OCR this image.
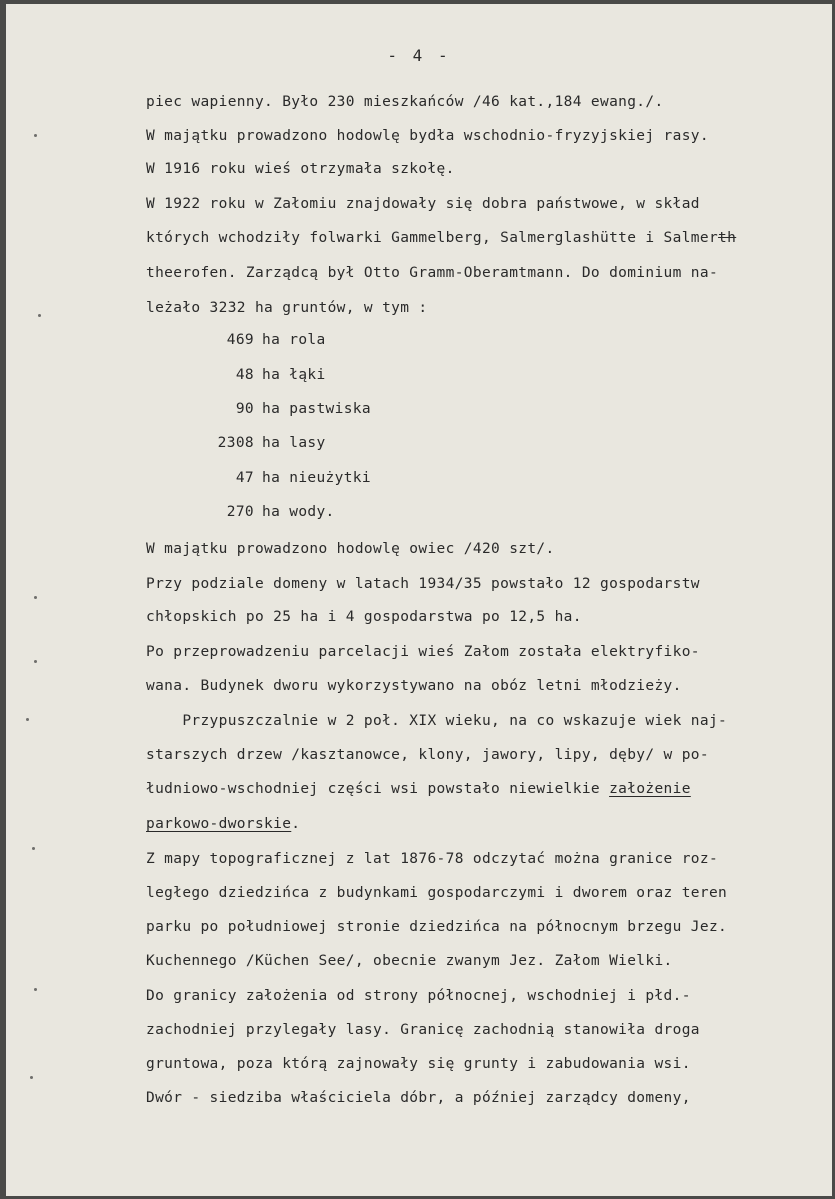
- 4 -
piec wapienny. Było 230 mieszkańców /46 kat.,184 ewang./.
W majątku prowadzono hodowlę bydła wschodnio-fryzyjskiej rasy.
W 1916 roku wieś otrzymała szkołę.
W 1922 roku w Załomiu znajdowały się dobra państwowe, w skład
których wchodziły folwarki Gammelberg, Salmerglashütte i Salmerth
theerofen. Zarządcą był Otto Gramm-Oberamtmann. Do dominium na-
leżało 3232 ha gruntów, w tym :
469 ha rola
48 ha łąki
90 ha pastwiska
2308 ha lasy
47 ha nieużytki
270 ha wody.
W majątku prowadzono hodowlę owiec /420 szt/.
Przy podziale domeny w latach 1934/35 powstało 12 gospodarstw
chłopskich po 25 ha i 4 gospodarstwa po 12,5 ha.
Po przeprowadzeniu parcelacji wieś Załom została elektryfiko-
wana. Budynek dworu wykorzystywano na obóz letni młodzieży.
Przypuszczalnie w 2 poł. XIX wieku, na co wskazuje wiek naj-
starszych drzew /kasztanowce, klony, jawory, lipy, dęby/ w po-
łudniowo-wschodniej części wsi powstało niewielkie założenie
parkowo-dworskie.
Z mapy topograficznej z lat 1876-78 odczytać można granice roz-
ległego dziedzińca z budynkami gospodarczymi i dworem oraz teren
parku po południowej stronie dziedzińca na północnym brzegu Jez.
Kuchennego /Küchen See/, obecnie zwanym Jez. Załom Wielki.
Do granicy założenia od strony północnej, wschodniej i płd.-
zachodniej przylegały lasy. Granicę zachodnią stanowiła droga
gruntowa, poza którą zajnowały się grunty i zabudowania wsi.
Dwór - siedziba właściciela dóbr, a później zarządcy domeny,
